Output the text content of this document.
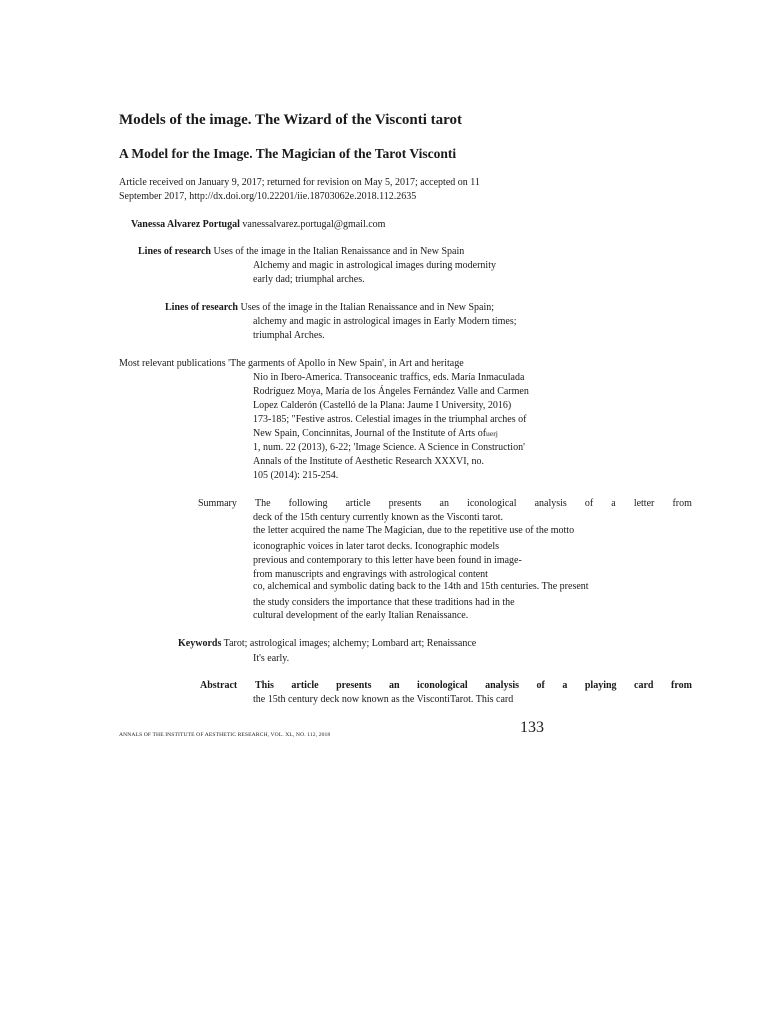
Models of the image. The Wizard of the Visconti tarot
A Model for the Image. The Magician of the Tarot Visconti
Article received on January 9, 2017; returned for revision on May 5, 2017; accepted on 11
September 2017, http://dx.doi.org/10.22201/iie.18703062e.2018.112.2635
Vanessa Alvarez Portugal vanessalvarez.portugal@gmail.com
Lines of research Uses of the image in the Italian Renaissance and in New Spain
Alchemy and magic in astrological images during modernity
early dad; triumphal arches.
Lines of research Uses of the image in the Italian Renaissance and in New Spain;
alchemy and magic in astrological images in Early Modern times;
triumphal Arches.
Most relevant publications 'The garments of Apollo in New Spain', in Art and heritage
Nio in Ibero-America. Transoceanic traffics, eds. María Inmaculada
Rodríguez Moya, María de los Ángeles Fernández Valle and Carmen
Lopez Calderón (Castelló de la Plana: Jaume I University, 2016)
173-185; "Festive astros. Celestial images in the triumphal arches of
New Spain, Concinnitas, Journal of the Institute of Arts ofuerj
1, num. 22 (2013), 6-22; 'Image Science. A Science in Construction'
Annals of the Institute of Aesthetic Research XXXVI, no.
105 (2014): 215-254.
Summary The following article presents an iconological analysis of a letter from
deck of the 15th century currently known as the Visconti tarot.
the letter acquired the name The Magician, due to the repetitive use of the motto
iconographic voices in later tarot decks. Iconographic models
previous and contemporary to this letter have been found in image-
from manuscripts and engravings with astrological content
co, alchemical and symbolic dating back to the 14th and 15th centuries. The present
the study considers the importance that these traditions had in the
cultural development of the early Italian Renaissance.
Keywords Tarot; astrological images; alchemy; Lombard art; Renaissance
It's early.
Abstract This article presents an iconological analysis of a playing card from
the 15th century deck now known as the ViscontiTarot. This card
ANNALS OF THE INSTITUTE OF AESTHETIC RESEARCH, VOL. XL, NO. 112, 2018	133
